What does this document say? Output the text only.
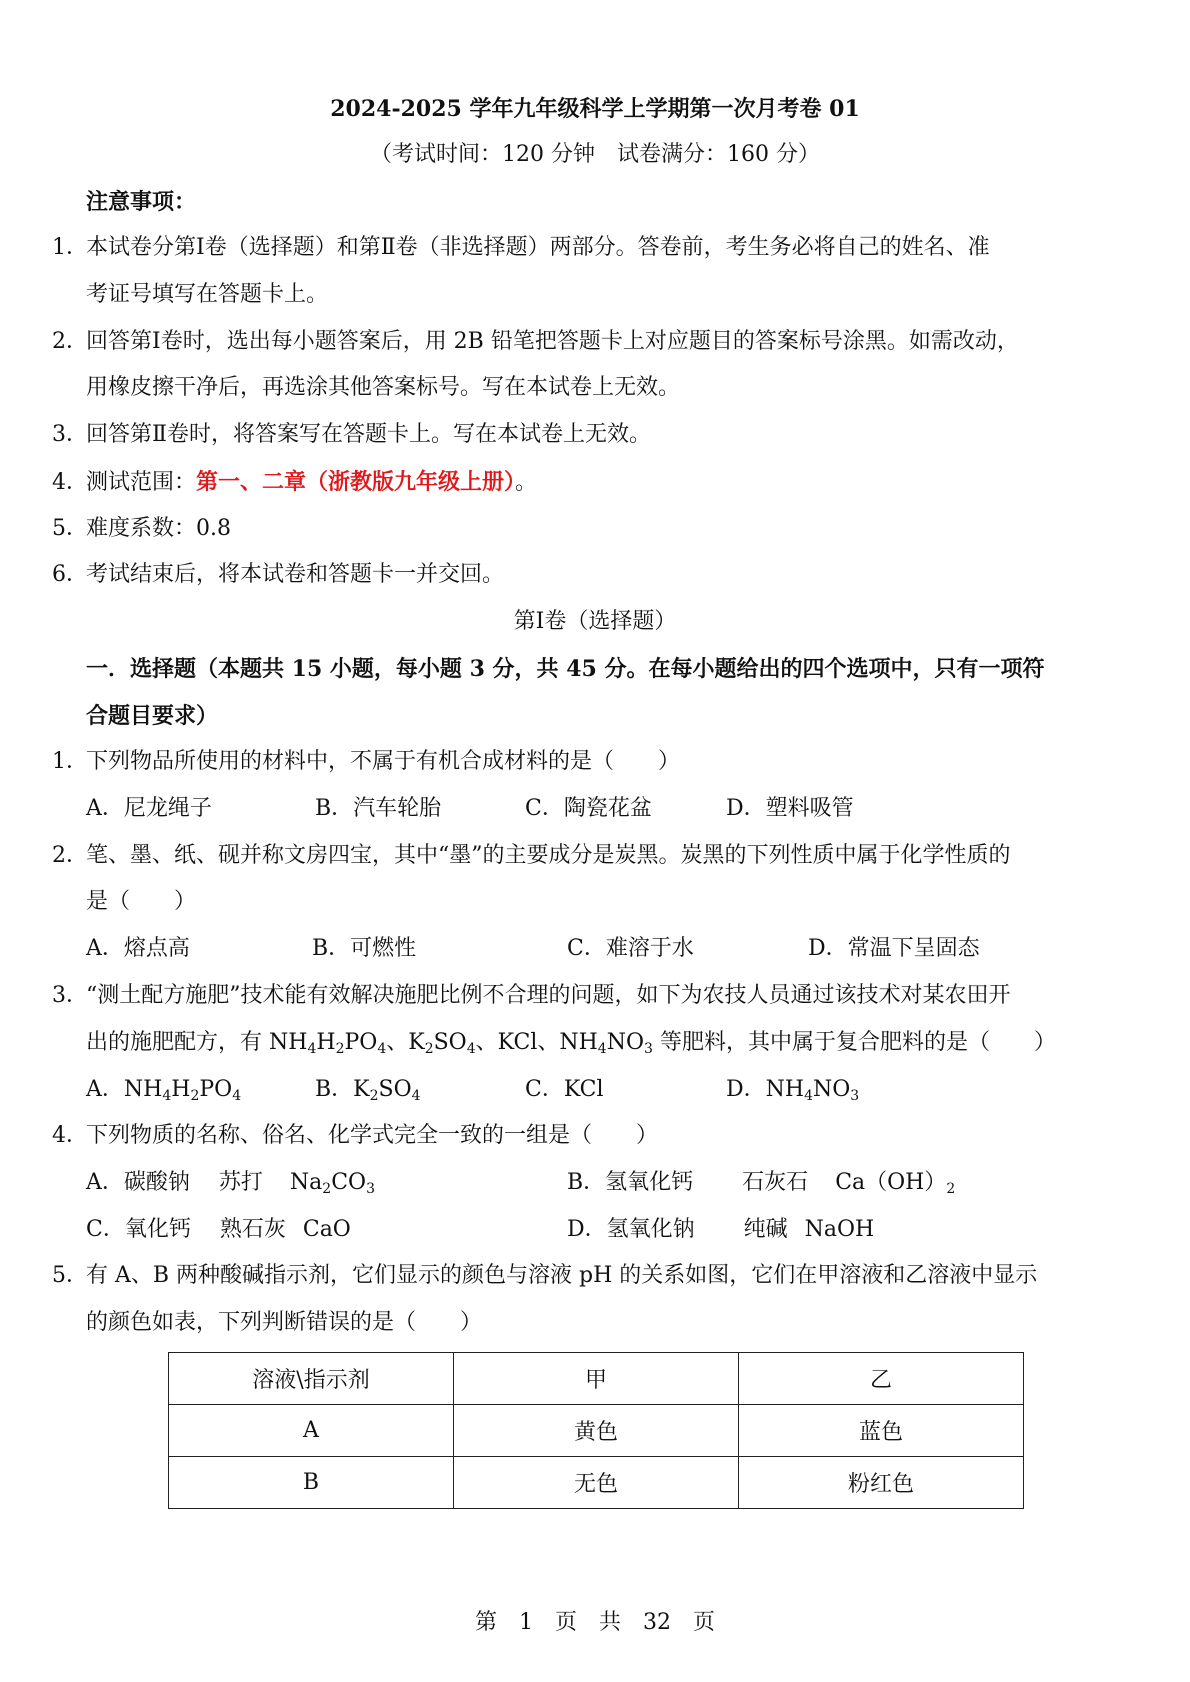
2024-2025 学年九年级科学上学期第一次月考卷 01
（考试时间：120 分钟　试卷满分：160 分）
注意事项：
1．本试卷分第Ⅰ卷（选择题）和第Ⅱ卷（非选择题）两部分。答卷前，考生务必将自己的姓名、准
考证号填写在答题卡上。
2．回答第Ⅰ卷时，选出每小题答案后，用 2B 铅笔把答题卡上对应题目的答案标号涂黑。如需改动，
用橡皮擦干净后，再选涂其他答案标号。写在本试卷上无效。
3．回答第Ⅱ卷时，将答案写在答题卡上。写在本试卷上无效。
4．测试范围：第一、二章（浙教版九年级上册）。
5．难度系数：0.8
6．考试结束后，将本试卷和答题卡一并交回。
第Ⅰ卷（选择题）
一．选择题（本题共 15 小题，每小题 3 分，共 45 分。在每小题给出的四个选项中，只有一项符
合题目要求）
1．下列物品所使用的材料中，不属于有机合成材料的是（　　）
A．尼龙绳子	B．汽车轮胎	C．陶瓷花盆	D．塑料吸管
2．笔、墨、纸、砚并称文房四宝，其中“墨”的主要成分是炭黑。炭黑的下列性质中属于化学性质的
是（　　）
A．熔点高	B．可燃性	C．难溶于水	D．常温下呈固态
3．“测土配方施肥”技术能有效解决施肥比例不合理的问题，如下为农技人员通过该技术对某农田开
出的施肥配方，有 $NH_4H_2PO_4$、$K_2SO_4$、KCl、$NH_4NO_3$ 等肥料，其中属于复合肥料的是（　　）
A．$NH_4H_2PO_4$	B．$K_2SO_4$	C．KCl	D．$NH_4NO_3$
4．下列物质的名称、俗名、化学式完全一致的一组是（　　）
A．碳酸钠 苏打 $Na_2CO_3$	B．氢氧化钙 石灰石 $Ca(OH)_2$
C．氧化钙 熟石灰 CaO	D．氢氧化钠 纯碱 NaOH
5．有 A、B 两种酸碱指示剂，它们显示的颜色与溶液 pH 的关系如图，它们在甲溶液和乙溶液中显示
的颜色如表，下列判断错误的是（　　）
溶液\指示剂	甲	乙
A	黄色	蓝色
B	无色	粉红色
第　1　页　共　32　页
